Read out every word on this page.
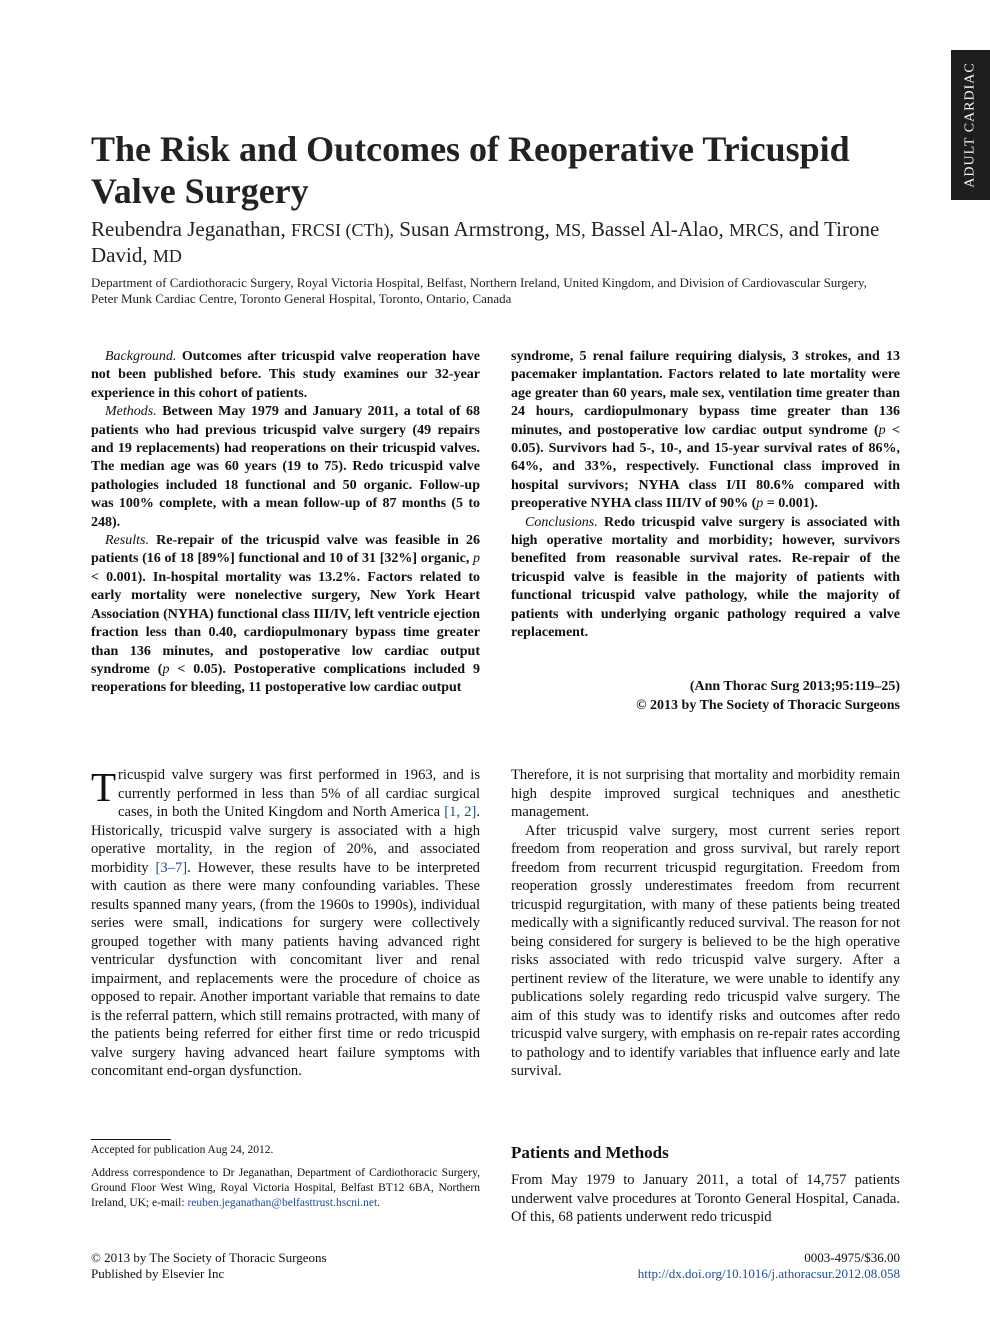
ADULT CARDIAC
The Risk and Outcomes of Reoperative Tricuspid
Valve Surgery
Reubendra Jeganathan, FRCSI (CTh), Susan Armstrong, MS, Bassel Al-Alao, MRCS, and Tirone David, MD
Department of Cardiothoracic Surgery, Royal Victoria Hospital, Belfast, Northern Ireland, United Kingdom, and Division of Cardiovascular Surgery, Peter Munk Cardiac Centre, Toronto General Hospital, Toronto, Ontario, Canada

Background. Outcomes after tricuspid valve reoperation have not been published before. This study examines our 32-year experience in this cohort of patients.

Methods. Between May 1979 and January 2011, a total of 68 patients who had previous tricuspid valve surgery (49 repairs and 19 replacements) had reoperations on their tricuspid valves. The median age was 60 years (19 to 75). Redo tricuspid valve pathologies included 18 functional and 50 organic. Follow-up was 100% complete, with a mean follow-up of 87 months (5 to 248).

Results. Re-repair of the tricuspid valve was feasible in 26 patients (16 of 18 [89%] functional and 10 of 31 [32%] organic, p < 0.001). In-hospital mortality was 13.2%. Factors related to early mortality were nonelective surgery, New York Heart Association (NYHA) functional class III/IV, left ventricle ejection fraction less than 0.40, cardiopulmonary bypass time greater than 136 minutes, and postoperative low cardiac output syndrome (p < 0.05). Postoperative complications included 9 reoperations for bleeding, 11 postoperative low cardiac output

syndrome, 5 renal failure requiring dialysis, 3 strokes, and 13 pacemaker implantation. Factors related to late mortality were age greater than 60 years, male sex, ventilation time greater than 24 hours, cardiopulmonary bypass time greater than 136 minutes, and postoperative low cardiac output syndrome (p < 0.05). Survivors had 5-, 10-, and 15-year survival rates of 86%, 64%, and 33%, respectively. Functional class improved in hospital survivors; NYHA class I/II 80.6% compared with preoperative NYHA class III/IV of 90% (p = 0.001).

Conclusions. Redo tricuspid valve surgery is associated with high operative mortality and morbidity; however, survivors benefited from reasonable survival rates. Re-repair of the tricuspid valve is feasible in the majority of patients with functional tricuspid valve pathology, while the majority of patients with underlying organic pathology required a valve replacement.

(Ann Thorac Surg 2013;95:119–25)
© 2013 by The Society of Thoracic Surgeons

Tricuspid valve surgery was first performed in 1963, and is currently performed in less than 5% of all cardiac surgical cases, in both the United Kingdom and North America [1, 2]. Historically, tricuspid valve surgery is associated with a high operative mortality, in the region of 20%, and associated morbidity [3–7]. However, these results have to be interpreted with caution as there were many confounding variables. These results spanned many years, (from the 1960s to 1990s), individual series were small, indications for surgery were collectively grouped together with many patients having advanced right ventricular dysfunction with concomitant liver and renal impairment, and replacements were the procedure of choice as opposed to repair. Another important variable that remains to date is the referral pattern, which still remains protracted, with many of the patients being referred for either first time or redo tricuspid valve surgery having advanced heart failure symptoms with concomitant end-organ dysfunction.

Therefore, it is not surprising that mortality and morbidity remain high despite improved surgical techniques and anesthetic management.

After tricuspid valve surgery, most current series report freedom from reoperation and gross survival, but rarely report freedom from recurrent tricuspid regurgitation. Freedom from reoperation grossly underestimates freedom from recurrent tricuspid regurgitation, with many of these patients being treated medically with a significantly reduced survival. The reason for not being considered for surgery is believed to be the high operative risks associated with redo tricuspid valve surgery. After a pertinent review of the literature, we were unable to identify any publications solely regarding redo tricuspid valve surgery. The aim of this study was to identify risks and outcomes after redo tricuspid valve surgery, with emphasis on re-repair rates according to pathology and to identify variables that influence early and late survival.

Patients and Methods

From May 1979 to January 2011, a total of 14,757 patients underwent valve procedures at Toronto General Hospital, Canada. Of this, 68 patients underwent redo tricuspid

Accepted for publication Aug 24, 2012.
Address correspondence to Dr Jeganathan, Department of Cardiothoracic Surgery, Ground Floor West Wing, Royal Victoria Hospital, Belfast BT12 6BA, Northern Ireland, UK; e-mail: reuben.jeganathan@belfasttrust.hscni.net.
© 2013 by The Society of Thoracic Surgeons
Published by Elsevier Inc
0003-4975/$36.00
http://dx.doi.org/10.1016/j.athoracsur.2012.08.058
